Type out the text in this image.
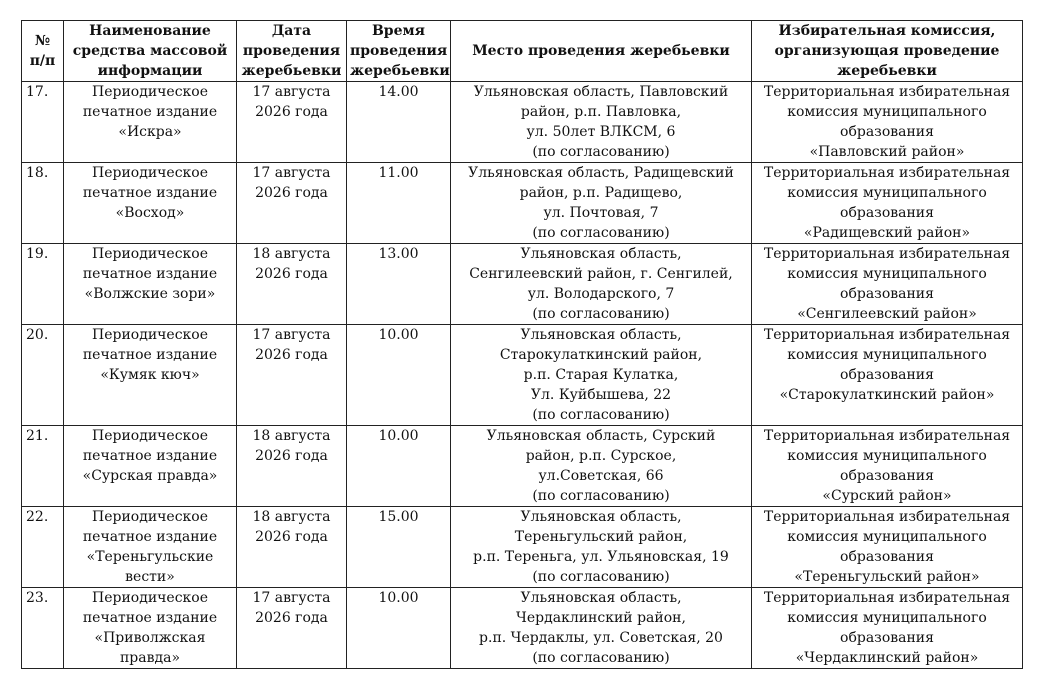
№
п/п	Наименование
средства массовой
информации	Дата
проведения
жеребьевки	Время
проведения
жеребьевки	Место проведения жеребьевки	Избирательная комиссия,
организующая проведение
жеребьевки

17.	Периодическое
печатное издание
«Искра»	17 августа
2026 года	14.00	Ульяновская область, Павловский
район, р.п. Павловка,
ул. 50лет ВЛКСМ, 6
(по согласованию)	Территориальная избирательная
комиссия муниципального
образования
«Павловский район»

18.	Периодическое
печатное издание
«Восход»	17 августа
2026 года	11.00	Ульяновская область, Радищевский
район, р.п. Радищево,
ул. Почтовая, 7
(по согласованию)	Территориальная избирательная
комиссия муниципального
образования
«Радищевский район»

19.	Периодическое
печатное издание
«Волжские зори»	18 августа
2026 года	13.00	Ульяновская область,
Сенгилеевский район, г. Сенгилей,
ул. Володарского, 7
(по согласованию)	Территориальная избирательная
комиссия муниципального
образования
«Сенгилеевский район»

20.	Периодическое
печатное издание
«Кумяк кюч»	17 августа
2026 года	10.00	Ульяновская область,
Старокулаткинский район,
р.п. Старая Кулатка,
Ул. Куйбышева, 22
(по согласованию)	Территориальная избирательная
комиссия муниципального
образования
«Старокулаткинский район»

21.	Периодическое
печатное издание
«Сурская правда»	18 августа
2026 года	10.00	Ульяновская область, Сурский
район, р.п. Сурское,
ул.Советская, 66
(по согласованию)	Территориальная избирательная
комиссия муниципального
образования
«Сурский район»

22.	Периодическое
печатное издание
«Тереньгульские
вести»	18 августа
2026 года	15.00	Ульяновская область,
Тереньгульский район,
р.п. Тереньга, ул. Ульяновская, 19
(по согласованию)	Территориальная избирательная
комиссия муниципального
образования
«Тереньгульский район»

23.	Периодическое
печатное издание
«Приволжская
правда»	17 августа
2026 года	10.00	Ульяновская область,
Чердаклинский район,
р.п. Чердаклы, ул. Советская, 20
(по согласованию)	Территориальная избирательная
комиссия муниципального
образования
«Чердаклинский район»
